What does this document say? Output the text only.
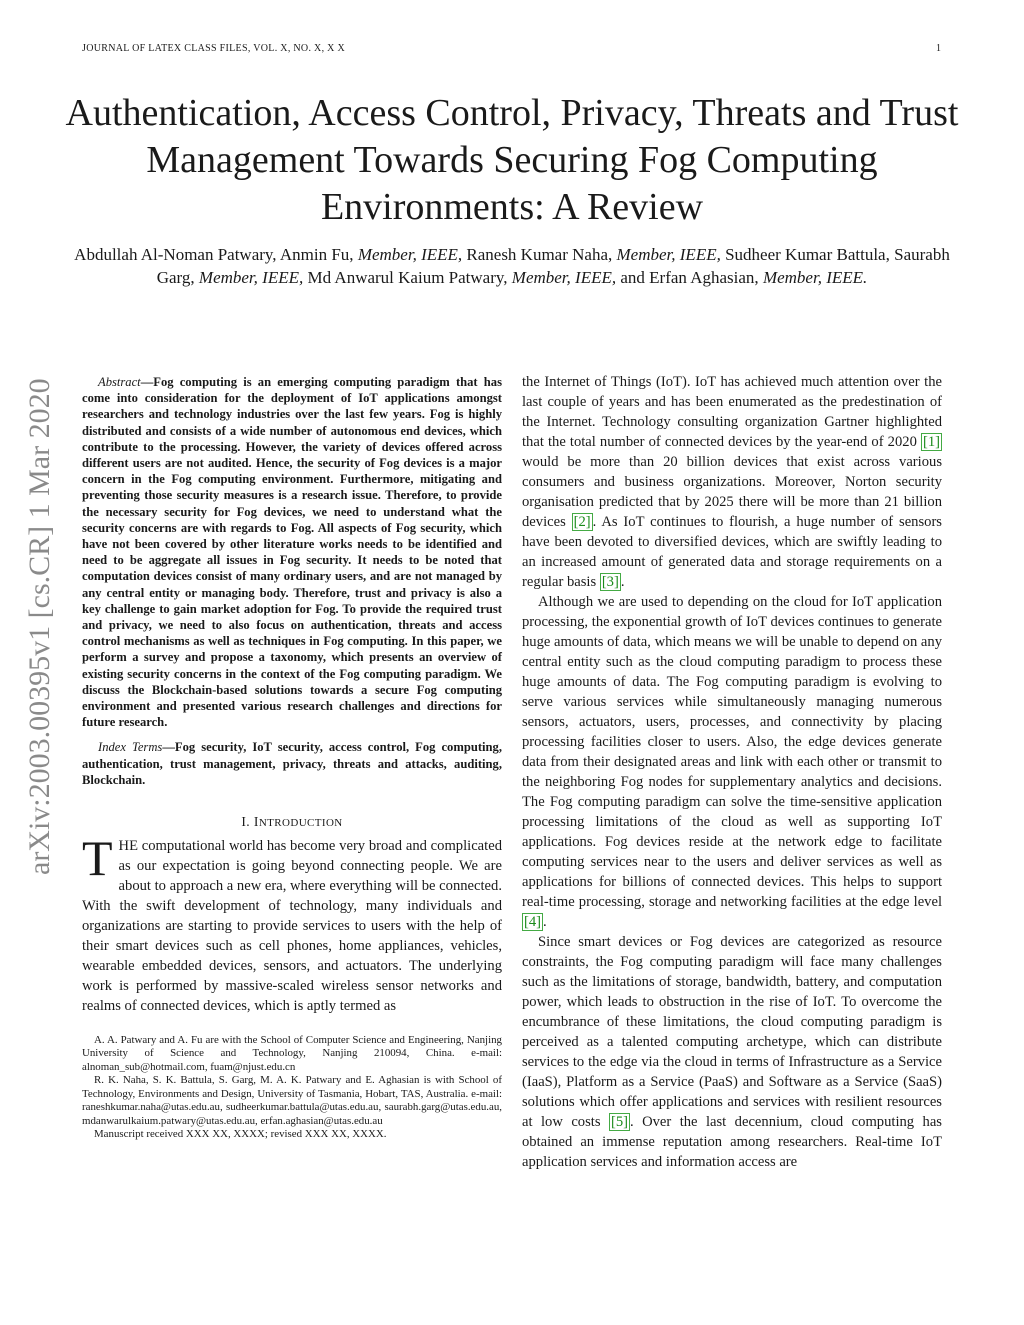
JOURNAL OF LATEX CLASS FILES, VOL. X, NO. X, X X	1
Authentication, Access Control, Privacy, Threats and Trust Management Towards Securing Fog Computing Environments: A Review
Abdullah Al-Noman Patwary, Anmin Fu, Member, IEEE, Ranesh Kumar Naha, Member, IEEE, Sudheer Kumar Battula, Saurabh Garg, Member, IEEE, Md Anwarul Kaium Patwary, Member, IEEE, and Erfan Aghasian, Member, IEEE.
arXiv:2003.00395v1 [cs.CR] 1 Mar 2020	Abstract—Fog computing is an emerging computing paradigm that has come into consideration for the deployment of IoT applications amongst researchers and technology industries over the last few years. Fog is highly distributed and consists of a wide number of autonomous end devices, which contribute to the processing. However, the variety of devices offered across different users are not audited. Hence, the security of Fog devices is a major concern in the Fog computing environment. Furthermore, mitigating and preventing those security measures is a research issue. Therefore, to provide the necessary security for Fog devices, we need to understand what the security concerns are with regards to Fog. All aspects of Fog security, which have not been covered by other literature works needs to be identified and need to be aggregate all issues in Fog security. It needs to be noted that computation devices consist of many ordinary users, and are not managed by any central entity or managing body. Therefore, trust and privacy is also a key challenge to gain market adoption for Fog. To provide the required trust and privacy, we need to also focus on authentication, threats and access control mechanisms as well as techniques in Fog computing. In this paper, we perform a survey and propose a taxonomy, which presents an overview of existing security concerns in the context of the Fog computing paradigm. We discuss the Blockchain-based solutions towards a secure Fog computing environment and presented various research challenges and directions for future research.

Index Terms—Fog security, IoT security, access control, Fog computing, authentication, trust management, privacy, threats and attacks, auditing, Blockchain.

I. INTRODUCTION

THE computational world has become very broad and complicated as our expectation is going beyond connecting people. We are about to approach a new era, where everything will be connected. With the swift development of technology, many individuals and organizations are starting to provide services to users with the help of their smart devices such as cell phones, home appliances, vehicles, wearable embedded devices, sensors, and actuators. The underlying work is performed by massive-scaled wireless sensor networks and realms of connected devices, which is aptly termed as

A. A. Patwary and A. Fu are with the School of Computer Science and Engineering, Nanjing University of Science and Technology, Nanjing 210094, China. e-mail: alnoman_sub@hotmail.com, fuam@njust.edu.cn

R. K. Naha, S. K. Battula, S. Garg, M. A. K. Patwary and E. Aghasian is with School of Technology, Environments and Design, University of Tasmania, Hobart, TAS, Australia. e-mail: raneshkumar.naha@utas.edu.au, sudheerkumar.battula@utas.edu.au, saurabh.garg@utas.edu.au, mdanwarulkaium.patwary@utas.edu.au, erfan.aghasian@utas.edu.au

Manuscript received XXX XX, XXXX; revised XXX XX, XXXX.

the Internet of Things (IoT). IoT has achieved much attention over the last couple of years and has been enumerated as the predestination of the Internet. Technology consulting organization Gartner highlighted that the total number of connected devices by the year-end of 2020 [1] would be more than 20 billion devices that exist across various consumers and business organizations. Moreover, Norton security organisation predicted that by 2025 there will be more than 21 billion devices [2] . As IoT continues to flourish, a huge number of sensors have been devoted to diversified devices, which are swiftly leading to an increased amount of generated data and storage requirements on a regular basis [3] .

Although we are used to depending on the cloud for IoT application processing, the exponential growth of IoT devices continues to generate huge amounts of data, which means we will be unable to depend on any central entity such as the cloud computing paradigm to process these huge amounts of data. The Fog computing paradigm is evolving to serve various services while simultaneously managing numerous sensors, actuators, users, processes, and connectivity by placing processing facilities closer to users. Also, the edge devices generate data from their designated areas and link with each other or transmit to the neighboring Fog nodes for supplementary analytics and decisions. The Fog computing paradigm can solve the time-sensitive application processing limitations of the cloud as well as supporting IoT applications. Fog devices reside at the network edge to facilitate computing services near to the users and deliver services as well as applications for billions of connected devices. This helps to support real-time processing, storage and networking facilities at the edge level [4] .

Since smart devices or Fog devices are categorized as resource constraints, the Fog computing paradigm will face many challenges such as the limitations of storage, bandwidth, battery, and computation power, which leads to obstruction in the rise of IoT. To overcome the encumbrance of these limitations, the cloud computing paradigm is perceived as a talented computing archetype, which can distribute services to the edge via the cloud in terms of Infrastructure as a Service (IaaS), Platform as a Service (PaaS) and Software as a Service (SaaS) solutions which offer applications and services with resilient resources at low costs [5] . Over the last decennium, cloud computing has obtained an immense reputation among researchers. Real-time IoT application services and information access are
